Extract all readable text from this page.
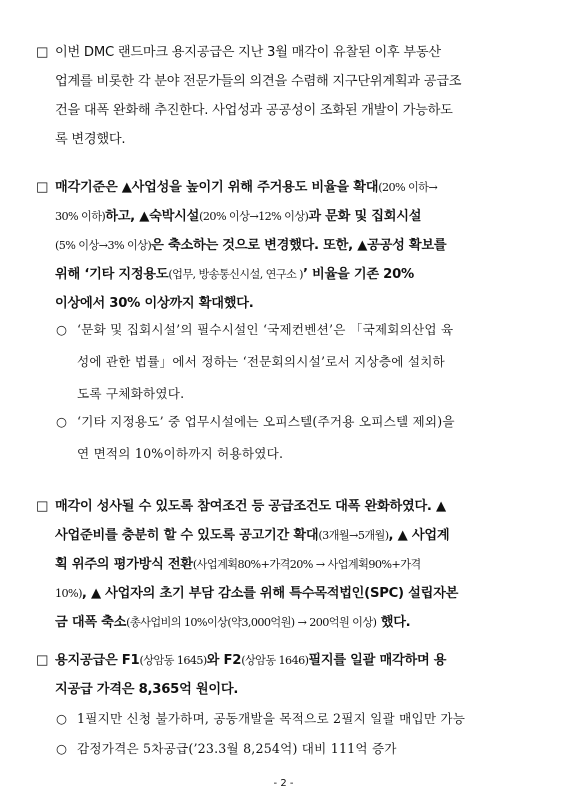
□ 이번 DMC 랜드마크 용지공급은 지난 3월 매각이 유찰된 이후 부동산
업계를 비롯한 각 분야 전문가들의 의견을 수렴해 지구단위계획과 공급조
건을 대폭 완화해 추진한다. 사업성과 공공성이 조화된 개발이 가능하도
록 변경했다.
□ 매각기준은 ▲사업성을 높이기 위해 주거용도 비율을 확대(20% 이하→
30% 이하)하고, ▲숙박시설(20% 이상→12% 이상)과 문화 및 집회시설
(5% 이상→3% 이상)은 축소하는 것으로 변경했다. 또한, ▲공공성 확보를
위해 ‘기타 지정용도(업무, 방송통신시설, 연구소 )’ 비율을 기존 20%
이상에서 30% 이상까지 확대했다.
○ ‘문화 및 집회시설’의 필수시설인 ‘국제컨벤션’은 「국제회의산업 육
성에 관한 법률」에서 정하는 ‘전문회의시설’로서 지상층에 설치하
도록 구체화하였다.
○ ‘기타 지정용도’ 중 업무시설에는 오피스텔(주거용 오피스텔 제외)을
연 면적의 10%이하까지 허용하였다.
□ 매각이 성사될 수 있도록 참여조건 등 공급조건도 대폭 완화하였다. ▲
사업준비를 충분히 할 수 있도록 공고기간 확대(3개월→5개월), ▲ 사업계
획 위주의 평가방식 전환(사업계획80%+가격20% → 사업계획90%+가격
10%), ▲ 사업자의 초기 부담 감소를 위해 특수목적법인(SPC) 설립자본
금 대폭 축소(총사업비의 10%이상(약3,000억원) → 200억원 이상) 했다.
□ 용지공급은 F1(상암동 1645)와 F2(상암동 1646)필지를 일괄 매각하며 용
지공급 가격은 8,365억 원이다.
○ 1필지만 신청 불가하며, 공동개발을 목적으로 2필지 일괄 매입만 가능
○ 감정가격은 5차공급(’23.3월 8,254억) 대비 111억 증가
- 2 -
